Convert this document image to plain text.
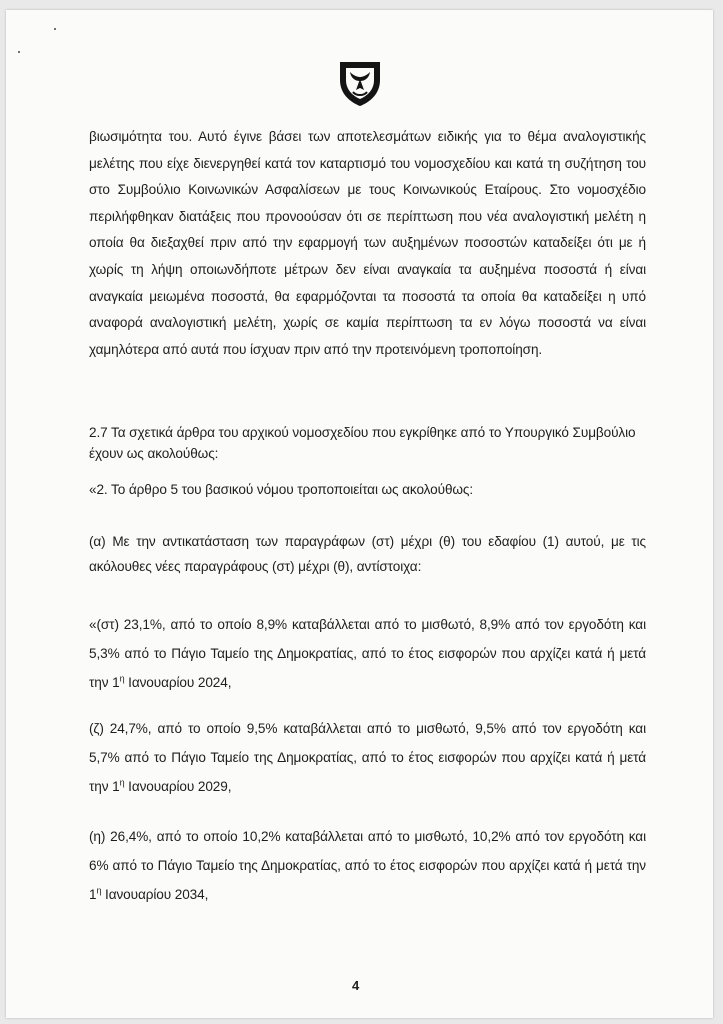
βιωσιμότητα του. Αυτό έγινε βάσει των αποτελεσμάτων ειδικής για το θέμα αναλογιστικής μελέτης που είχε διενεργηθεί κατά τον καταρτισμό του νομοσχεδίου και κατά τη συζήτηση του στο Συμβούλιο Κοινωνικών Ασφαλίσεων με τους Κοινωνικούς Εταίρους. Στο νομοσχέδιο περιλήφθηκαν διατάξεις που προνοούσαν ότι σε περίπτωση που νέα αναλογιστική μελέτη η οποία θα διεξαχθεί πριν από την εφαρμογή των αυξημένων ποσοστών καταδείξει ότι με ή χωρίς τη λήψη οποιωνδήποτε μέτρων δεν είναι αναγκαία τα αυξημένα ποσοστά ή είναι αναγκαία μειωμένα ποσοστά, θα εφαρμόζονται τα ποσοστά τα οποία θα καταδείξει η υπό αναφορά αναλογιστική μελέτη, χωρίς σε καμία περίπτωση τα εν λόγω ποσοστά να είναι χαμηλότερα από αυτά που ίσχυαν πριν από την προτεινόμενη τροποποίηση.

2.7 Τα σχετικά άρθρα του αρχικού νομοσχεδίου που εγκρίθηκε από το Υπουργικό Συμβούλιο έχουν ως ακολούθως:

«2. Το άρθρο 5 του βασικού νόμου τροποποιείται ως ακολούθως:

(α) Με την αντικατάσταση των παραγράφων (στ) μέχρι (θ) του εδαφίου (1) αυτού, με τις ακόλουθες νέες παραγράφους (στ) μέχρι (θ), αντίστοιχα:

«(στ) 23,1%, από το οποίο 8,9% καταβάλλεται από το μισθωτό, 8,9% από τον εργοδότη και 5,3% από το Πάγιο Ταμείο της Δημοκρατίας, από το έτος εισφορών που αρχίζει κατά ή μετά την $1^\eta$ Ιανουαρίου 2024,

(ζ) 24,7%, από το οποίο 9,5% καταβάλλεται από το μισθωτό, 9,5% από τον εργοδότη και 5,7% από το Πάγιο Ταμείο της Δημοκρατίας, από το έτος εισφορών που αρχίζει κατά ή μετά την $1^\eta$ Ιανουαρίου 2029,

(η) 26,4%, από το οποίο 10,2% καταβάλλεται από το μισθωτό, 10,2% από τον εργοδότη και 6% από το Πάγιο Ταμείο της Δημοκρατίας, από το έτος εισφορών που αρχίζει κατά ή μετά την $1^\eta$ Ιανουαρίου 2034,

4
